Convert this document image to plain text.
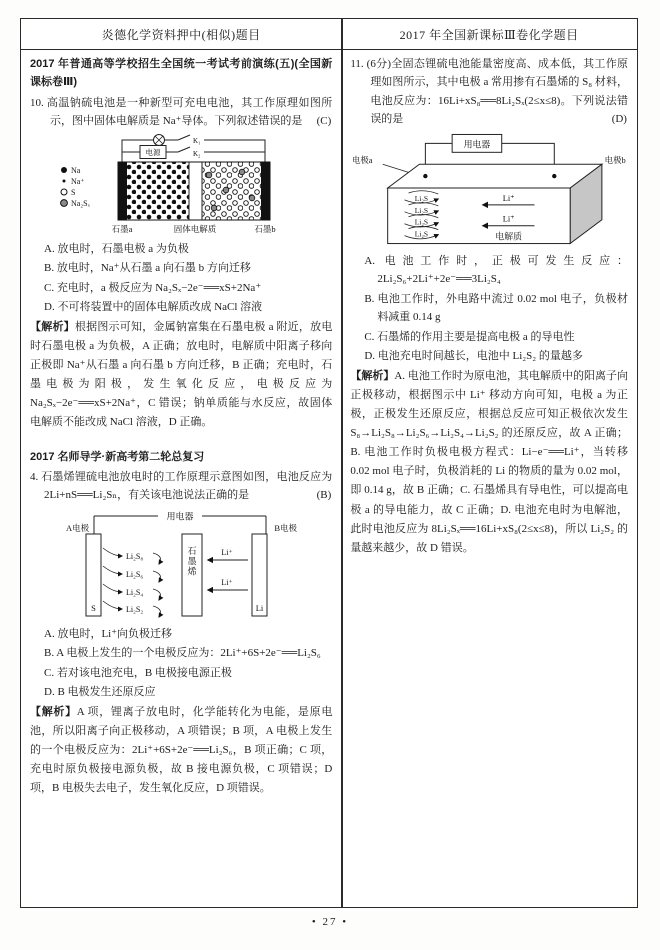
炎德化学资料押中(相似)题目	2017 年全国新课标Ⅲ卷化学题目

2017 年普通高等学校招生全国统一考试考前演练(五)(全国新课标卷Ⅲ)

(C)
10. 高温钠硫电池是一种新型可充电电池，其工作原理如图所示，图中固体电解质是 Na⁺导体。下列叙述错误的是

Na
Na⁺
S
Na₂Sₓ
K₁
电源	K₂
石墨a	固体电解质	石墨b

A. 放电时，石墨电极 a 为负极

B. 放电时，Na⁺从石墨 a 向石墨 b 方向迁移

C. 充电时，a 极反应为 Na₂Sₓ−2e⁻══xS+2Na⁺

D. 不可将装置中的固体电解质改成 NaCl 溶液

【解析】根据图示可知，金属钠富集在石墨电极 a 附近，放电时石墨电极 a 为负极，A 正确；放电时，电解质中阳离子移向正极即 Na⁺从石墨 a 向石墨 b 方向迁移，B 正确；充电时，石墨电极为阳极，发生氧化反应，电极反应为 Na₂Sₓ−2e⁻══xS+2Na⁺，C 错误；钠单质能与水反应，故固体电解质不能改成 NaCl 溶液，D 正确。

2017 名师导学·新高考第二轮总复习

(B)
4. 石墨烯锂硫电池放电时的工作原理示意图如图，电池反应为 2Li+nS══Li₂Sₙ，有关该电池说法正确的是

用电器
A电极	B电极
S
石墨烯
Li
Li₂S₈
Li₂S₆
Li₂S₄
Li₂S₂
Li⁺
Li⁺

A. 放电时，Li⁺向负极迁移

B. A 电极上发生的一个电极反应为：2Li⁺+6S+2e⁻══Li₂S₆

C. 若对该电池充电，B 电极接电源正极

D. B 电极发生还原反应

【解析】A 项，锂离子放电时，化学能转化为电能，是原电池，所以阳离子向正极移动，A 项错误；B 项，A 电极上发生的一个电极反应为：2Li⁺+6S+2e⁻══Li₂S₆，B 项正确；C 项，充电时原负极接电源负极，故 B 接电源负极，C 项错误；D 项，B 电极失去电子，发生氧化反应，D 项错误。

(D)
11. (6分)全固态锂硫电池能量密度高、成本低，其工作原理如图所示，其中电极 a 常用掺有石墨烯的 S₈ 材料，电池反应为：16Li+xS₈══8Li₂Sₓ(2≤x≤8)。下列说法错误的是

用电器
电极a	电极b
Li₂S
Li₂S
Li₂S
Li₂S
Li⁺
Li⁺
电解质

A. 电池工作时，正极可发生反应：2Li₂S₆+2Li⁺+2e⁻══3Li₂S₄

B. 电池工作时，外电路中流过 0.02 mol 电子，负极材料减重 0.14 g

C. 石墨烯的作用主要是提高电极 a 的导电性

D. 电池充电时间越长，电池中 Li₂S₂ 的量越多

【解析】A. 电池工作时为原电池，其电解质中的阳离子向正极移动，根据图示中 Li⁺ 移动方向可知，电极 a 为正极，正极发生还原反应，根据总反应可知正极依次发生 S₈→Li₂S₈→Li₂S₆→Li₂S₄→Li₂S₂ 的还原反应，故 A 正确；B. 电池工作时负极电极方程式：Li−e⁻══Li⁺，当转移 0.02 mol 电子时，负极消耗的 Li 的物质的量为 0.02 mol，即 0.14 g，故 B 正确；C. 石墨烯具有导电性，可以提高电极 a 的导电能力，故 C 正确；D. 电池充电时为电解池，此时电池反应为 8Li₂Sₓ══16Li+xS₈(2≤x≤8)，所以 Li₂S₂ 的量越来越少，故 D 错误。

• 27 •
